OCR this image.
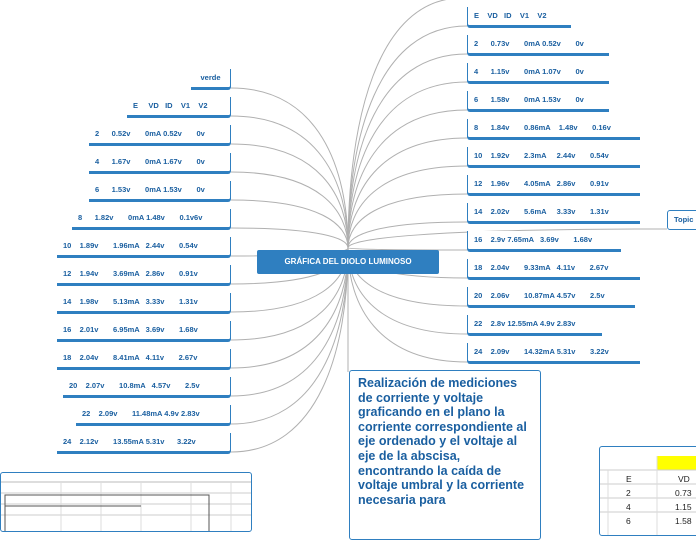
verde
E     VD   ID    V1    V2
2      0.52v       0mA 0.52v       0v
4      1.67v       0mA 1.67v       0v
6      1.53v       0mA 1.53v       0v
8      1.82v       0mA 1.48v       0.1v6v
10    1.89v       1.96mA   2.44v       0.54v
12    1.94v       3.69mA   2.86v       0.91v
14    1.98v       5.13mA   3.33v       1.31v
16    2.01v       6.95mA   3.69v       1.68v
18    2.04v       8.41mA   4.11v       2.67v
20    2.07v       10.8mA   4.57v       2.5v
22    2.09v       11.48mA 4.9v 2.83v
24    2.12v       13.55mA 5.31v      3.22v
E    VD   ID    V1    V2
2      0.73v       0mA 0.52v       0v
4      1.15v       0mA 1.07v       0v
6      1.58v       0mA 1.53v       0v
8      1.84v       0.86mA    1.48v       0.16v
10    1.92v       2.3mA     2.44v       0.54v
12    1.96v       4.05mA   2.86v       0.91v
14    2.02v       5.6mA     3.33v       1.31v
16    2.9v 7.65mA   3.69v       1.68v
18    2.04v       9.33mA   4.11v       2.67v
20    2.06v       10.87mA 4.57v       2.5v
22    2.8v 12.55mA 4.9v 2.83v
24    2.09v       14.32mA 5.31v       3.22v
GRÁFICA DEL DIOLO LUMINOSO
Topic
Realización de mediciones de corriente y voltaje graficando en el plano la corriente correspondiente al eje ordenado y el voltaje al eje de la abscisa, encontrando la caída de voltaje umbral y la corriente necesaria para
E	VD
2	0.73
4	1.15
6	1.58
